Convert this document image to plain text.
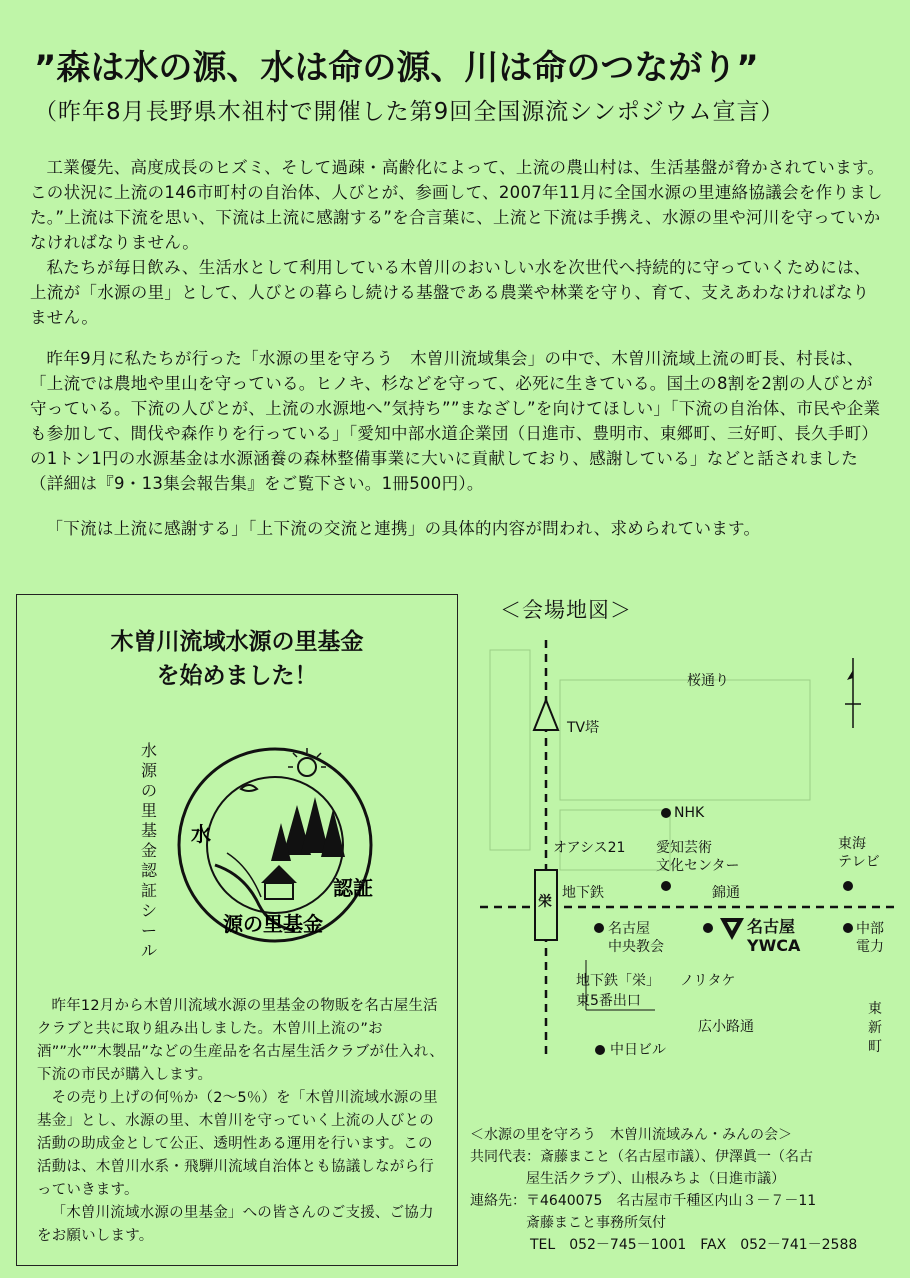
”森は水の源、水は命の源、川は命のつながり”
（昨年8月長野県木祖村で開催した第9回全国源流シンポジウム宣言）

工業優先、高度成長のヒズミ、そして過疎・高齢化によって、上流の農山村は、生活基盤が脅かされています。この状況に上流の146市町村の自治体、人びとが、参画して、2007年11月に全国水源の里連絡協議会を作りました。”上流は下流を思い、下流は上流に感謝する”を合言葉に、上流と下流は手携え、水源の里や河川を守っていかなければなりません。

私たちが毎日飲み、生活水として利用している木曽川のおいしい水を次世代へ持続的に守っていくためには、上流が「水源の里」として、人びとの暮らし続ける基盤である農業や林業を守り、育て、支えあわなければなりません。

昨年9月に私たちが行った「水源の里を守ろう　木曽川流域集会」の中で、木曽川流域上流の町長、村長は、「上流では農地や里山を守っている。ヒノキ、杉などを守って、必死に生きている。国土の8割を2割の人びとが守っている。下流の人びとが、上流の水源地へ”気持ち””まなざし”を向けてほしい」「下流の自治体、市民や企業も参加して、間伐や森作りを行っている」「愛知中部水道企業団（日進市、豊明市、東郷町、三好町、長久手町）の1トン1円の水源基金は水源涵養の森林整備事業に大いに貢献しており、感謝している」などと話されました（詳細は『9・13集会報告集』をご覧下さい。1冊500円）。

「下流は上流に感謝する」「上下流の交流と連携」の具体的内容が問われ、求められています。

木曽川流域水源の里基金
を始めました！
水源の里基金認証シール
水
源の里基金
認証

昨年12月から木曽川流域水源の里基金の物販を名古屋生活クラブと共に取り組み出しました。木曽川上流の”お酒””水””木製品”などの生産品を名古屋生活クラブが仕入れ、下流の市民が購入します。

その売り上げの何％か（2～5％）を「木曽川流域水源の里基金」とし、水源の里、木曽川を守っていく上流の人びとの活動の助成金として公正、透明性ある運用を行います。この活動は、木曽川水系・飛騨川流域自治体とも協議しながら行っていきます。

「木曽川流域水源の里基金」への皆さんのご支援、ご協力をお願いします。

＜会場地図＞
桜通り
TV塔
NHK
オアシス21 愛知芸術
文化センター
東海
テレビ
地下鉄	錦通
栄
名古屋
中央教会
名古屋
YWCA
中部
電力
地下鉄「栄」
東5番出口
ノリタケ
広小路通
中日ビル
東新町
＜水源の里を守ろう　木曽川流域みん・みんの会＞
共同代表：斎藤まこと（名古屋市議）、伊澤眞一（名古
屋生活クラブ）、山根みちよ（日進市議）
連絡先：〒4640075　名古屋市千種区内山３－７－11
斎藤まこと事務所気付
TEL　052－745－1001　FAX　052－741－2588
